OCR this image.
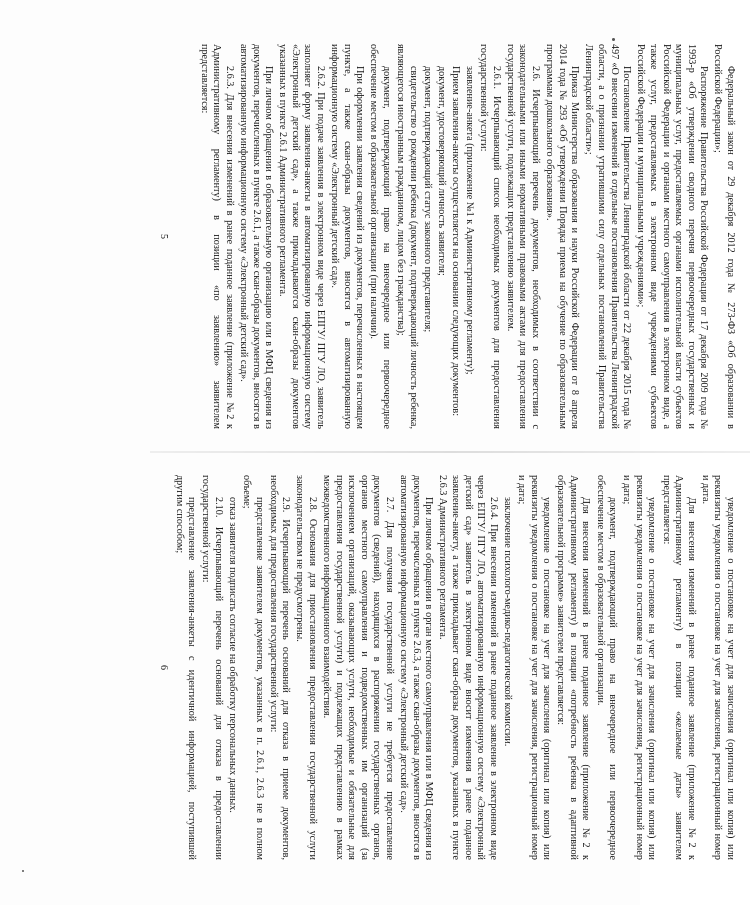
Федеральный закон от 29 декабря 2012 года № 273-ФЗ «Об образовании в Российской Федерации»;

Распоряжение Правительства Российской Федерации от 17 декабря 2009 года № 1993-р «Об утверждении сводного перечня первоочередных государственных и муниципальных услуг, предоставляемых органами исполнительной власти субъектов Российской Федерации и органами местного самоуправления в электронном виде, а также услуг, предоставляемых в электронном виде учреждениями субъектов Российской Федерации и муниципальными учреждениями»;

Постановление Правительства Ленинградской области от 22 декабря 2015 года № 497 «О внесении изменений в отдельные постановления Правительства Ленинградской области, а о признании утратившими силу отдельных постановлений Правительства Ленинградской области»;

Приказ Министерства образования и науки Российской Федерации от 8 апреля 2014 года № 293 «Об утверждении Порядка приема на обучение по образовательным программам дошкольного образования».

2.6. Исчерпывающий перечень документов, необходимых в соответствии с законодательными или иными нормативными правовыми актами для предоставления государственной услуги, подлежащих представлению заявителем.

2.6.1. Исчерпывающий список необходимых документов для предоставления государственной услуги:

заявление-анкета (приложение №1 к Административному регламенту);

Прием заявления-анкеты осуществляется на основании следующих документов:

документ, удостоверяющий личность заявителя;

документ, подтверждающий статус законного представителя;

свидетельство о рождении ребенка (документ, подтверждающий личность ребенка, являющегося иностранным гражданином, лицом без гражданства);

документ, подтверждающий право на внеочередное или первоочередное обеспечение местом в образовательной организации (при наличии).

При оформлении заявления сведений из документов, перечисленных в настоящем пункте, а также скан-образы документов, вносятся в автоматизированную информационную систему «Электронный детский сад».

2.6.2. При подаче заявления в электронном виде через ЕПГУ/ ПГУ ЛО, заявитель заполняет форму заявления-анкеты в автоматизированную информационную систему «Электронный детский сад», а также прикладываются скан-образы документов указанных в пункте 2.6.1 Административного регламента.

При личном обращении в образовательную организацию или в МФЦ сведения из документов, перечисленных в пункте 2.6.1, а также скан-образы документов, вносятся в автоматизированную информационную систему «Электронный детский сад».

2.6.3. Для внесения изменений в ранее поданное заявление (приложение №2 к Административному регламенту) в позиции «по заявлению» заявителем представляется:

5

уведомление о постановке на учет для зачисления (оригинал или копия) или реквизиты уведомления о постановке на учет для зачисления, регистрационный номер и дата.

Для внесения изменений в ранее поданное заявление (приложение №2 к Административному регламенту) в позиции «желаемые даты» заявителем представляется:

уведомление о постановке на учет для зачисления (оригинал или копия) или реквизиты уведомления о постановке на учет для зачисления, регистрационный номер и дата;

документ, подтверждающий право на внеочередное или первоочередное обеспечение местом в образовательной организации.

Для внесения изменений в ранее поданное заявление (приложение №2 к Административному регламенту) в позиции «потребность ребенка в адаптивной образовательной программе» заявителем представляется:

уведомление о постановке на учет для зачисления (оригинал или копия) или реквизиты уведомления о постановке на учет для зачисления, регистрационный номер и дата;

заключение психолого-медико-педагогической комиссии.

2.6.4. При внесении изменений в ранее поданное заявление в электронном виде через ЕПГУ/ ПГУ ЛО, автоматизированную информационную систему «Электронный детский сад» заявитель в электронном виде вносит изменения в ранее поданное заявление-анкету, а также прикладывает скан-образы документов, указанных в пункте 2.6.3 Административного регламента.

При личном обращении в орган местного самоуправления или в МФЦ сведения из документов, перечисленных в пункте 2.6.3, а также скан-образы документов, вносятся в автоматизированную информационную систему «Электронный детский сад».

2.7. Для получения государственной услуги не требуется предоставление документов (сведений), находящихся в распоряжении государственных органов, органов местного самоуправления и подведомственных им организаций (за исключением организаций, оказывающих услуги, необходимые и обязательные для предоставления государственной услуги) и подлежащих представлению в рамках межведомственного информационного взаимодействия.

2.8. Основания для приостановления предоставления государственной услуги законодательством не предусмотрены.

2.9. Исчерпывающий перечень оснований для отказа в приеме документов, необходимых для предоставления государственной услуги:

представление заявителем документов, указанных в п. 2.6.1, 2.6.3 не в полном объеме;

отказ заявителя подписать согласие на обработку персональных данных.

2.10. Исчерпывающий перечень оснований для отказа в предоставлении государственной услуги:

представление заявления-анкеты с идентичной информацией, поступившей другим способом;

6
